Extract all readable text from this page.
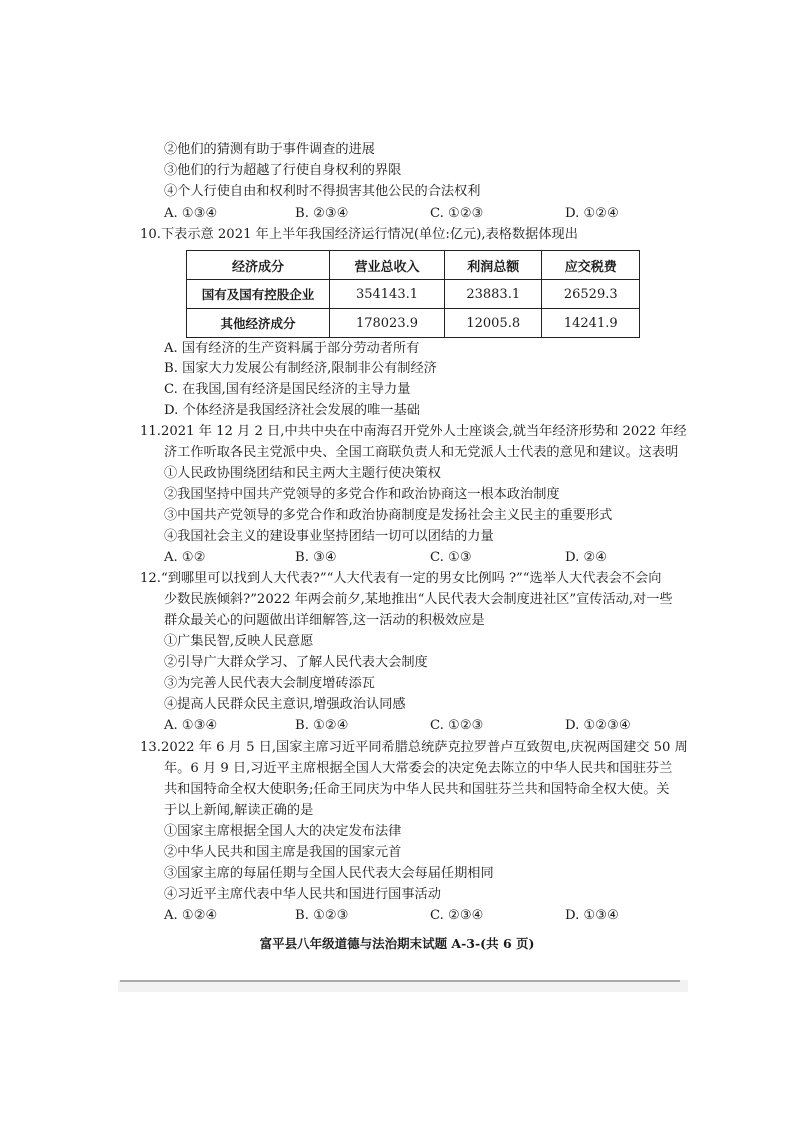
②他们的猜测有助于事件调查的进展
③他们的行为超越了行使自身权利的界限
④个人行使自由和权利时不得损害其他公民的合法权利
A. ①③④	B. ②③④	C. ①②③	D. ①②④
10.下表示意 2021 年上半年我国经济运行情况(单位:亿元),表格数据体现出
经济成分	营业总收入	利润总额	应交税费
国有及国有控股企业	354143.1	23883.1	26529.3
其他经济成分	178023.9	12005.8	14241.9
A. 国有经济的生产资料属于部分劳动者所有
B. 国家大力发展公有制经济,限制非公有制经济
C. 在我国,国有经济是国民经济的主导力量
D. 个体经济是我国经济社会发展的唯一基础
11.2021 年 12 月 2 日,中共中央在中南海召开党外人士座谈会,就当年经济形势和 2022 年经
济工作听取各民主党派中央、全国工商联负责人和无党派人士代表的意见和建议。这表明
①人民政协围绕团结和民主两大主题行使决策权
②我国坚持中国共产党领导的多党合作和政治协商这一根本政治制度
③中国共产党领导的多党合作和政治协商制度是发扬社会主义民主的重要形式
④我国社会主义的建设事业坚持团结一切可以团结的力量
A. ①②	B. ③④	C. ①③	D. ②④
12.“到哪里可以找到人大代表?”“人大代表有一定的男女比例吗 ?”“选举人大代表会不会向
少数民族倾斜?”2022 年两会前夕,某地推出“人民代表大会制度进社区”宣传活动,对一些
群众最关心的问题做出详细解答,这一活动的积极效应是
①广集民智,反映人民意愿
②引导广大群众学习、了解人民代表大会制度
③为完善人民代表大会制度增砖添瓦
④提高人民群众民主意识,增强政治认同感
A. ①③④	B. ①②④	C. ①②③	D. ①②③④
13.2022 年 6 月 5 日,国家主席习近平同希腊总统萨克拉罗普卢互致贺电,庆祝两国建交 50 周
年。6 月 9 日,习近平主席根据全国人大常委会的决定免去陈立的中华人民共和国驻芬兰
共和国特命全权大使职务;任命王同庆为中华人民共和国驻芬兰共和国特命全权大使。关
于以上新闻,解读正确的是
①国家主席根据全国人大的决定发布法律
②中华人民共和国主席是我国的国家元首
③国家主席的每届任期与全国人民代表大会每届任期相同
④习近平主席代表中华人民共和国进行国事活动
A. ①②④	B. ①②③	C. ②③④	D. ①③④
富平县八年级道德与法治期末试题 A-3-(共 6 页)
